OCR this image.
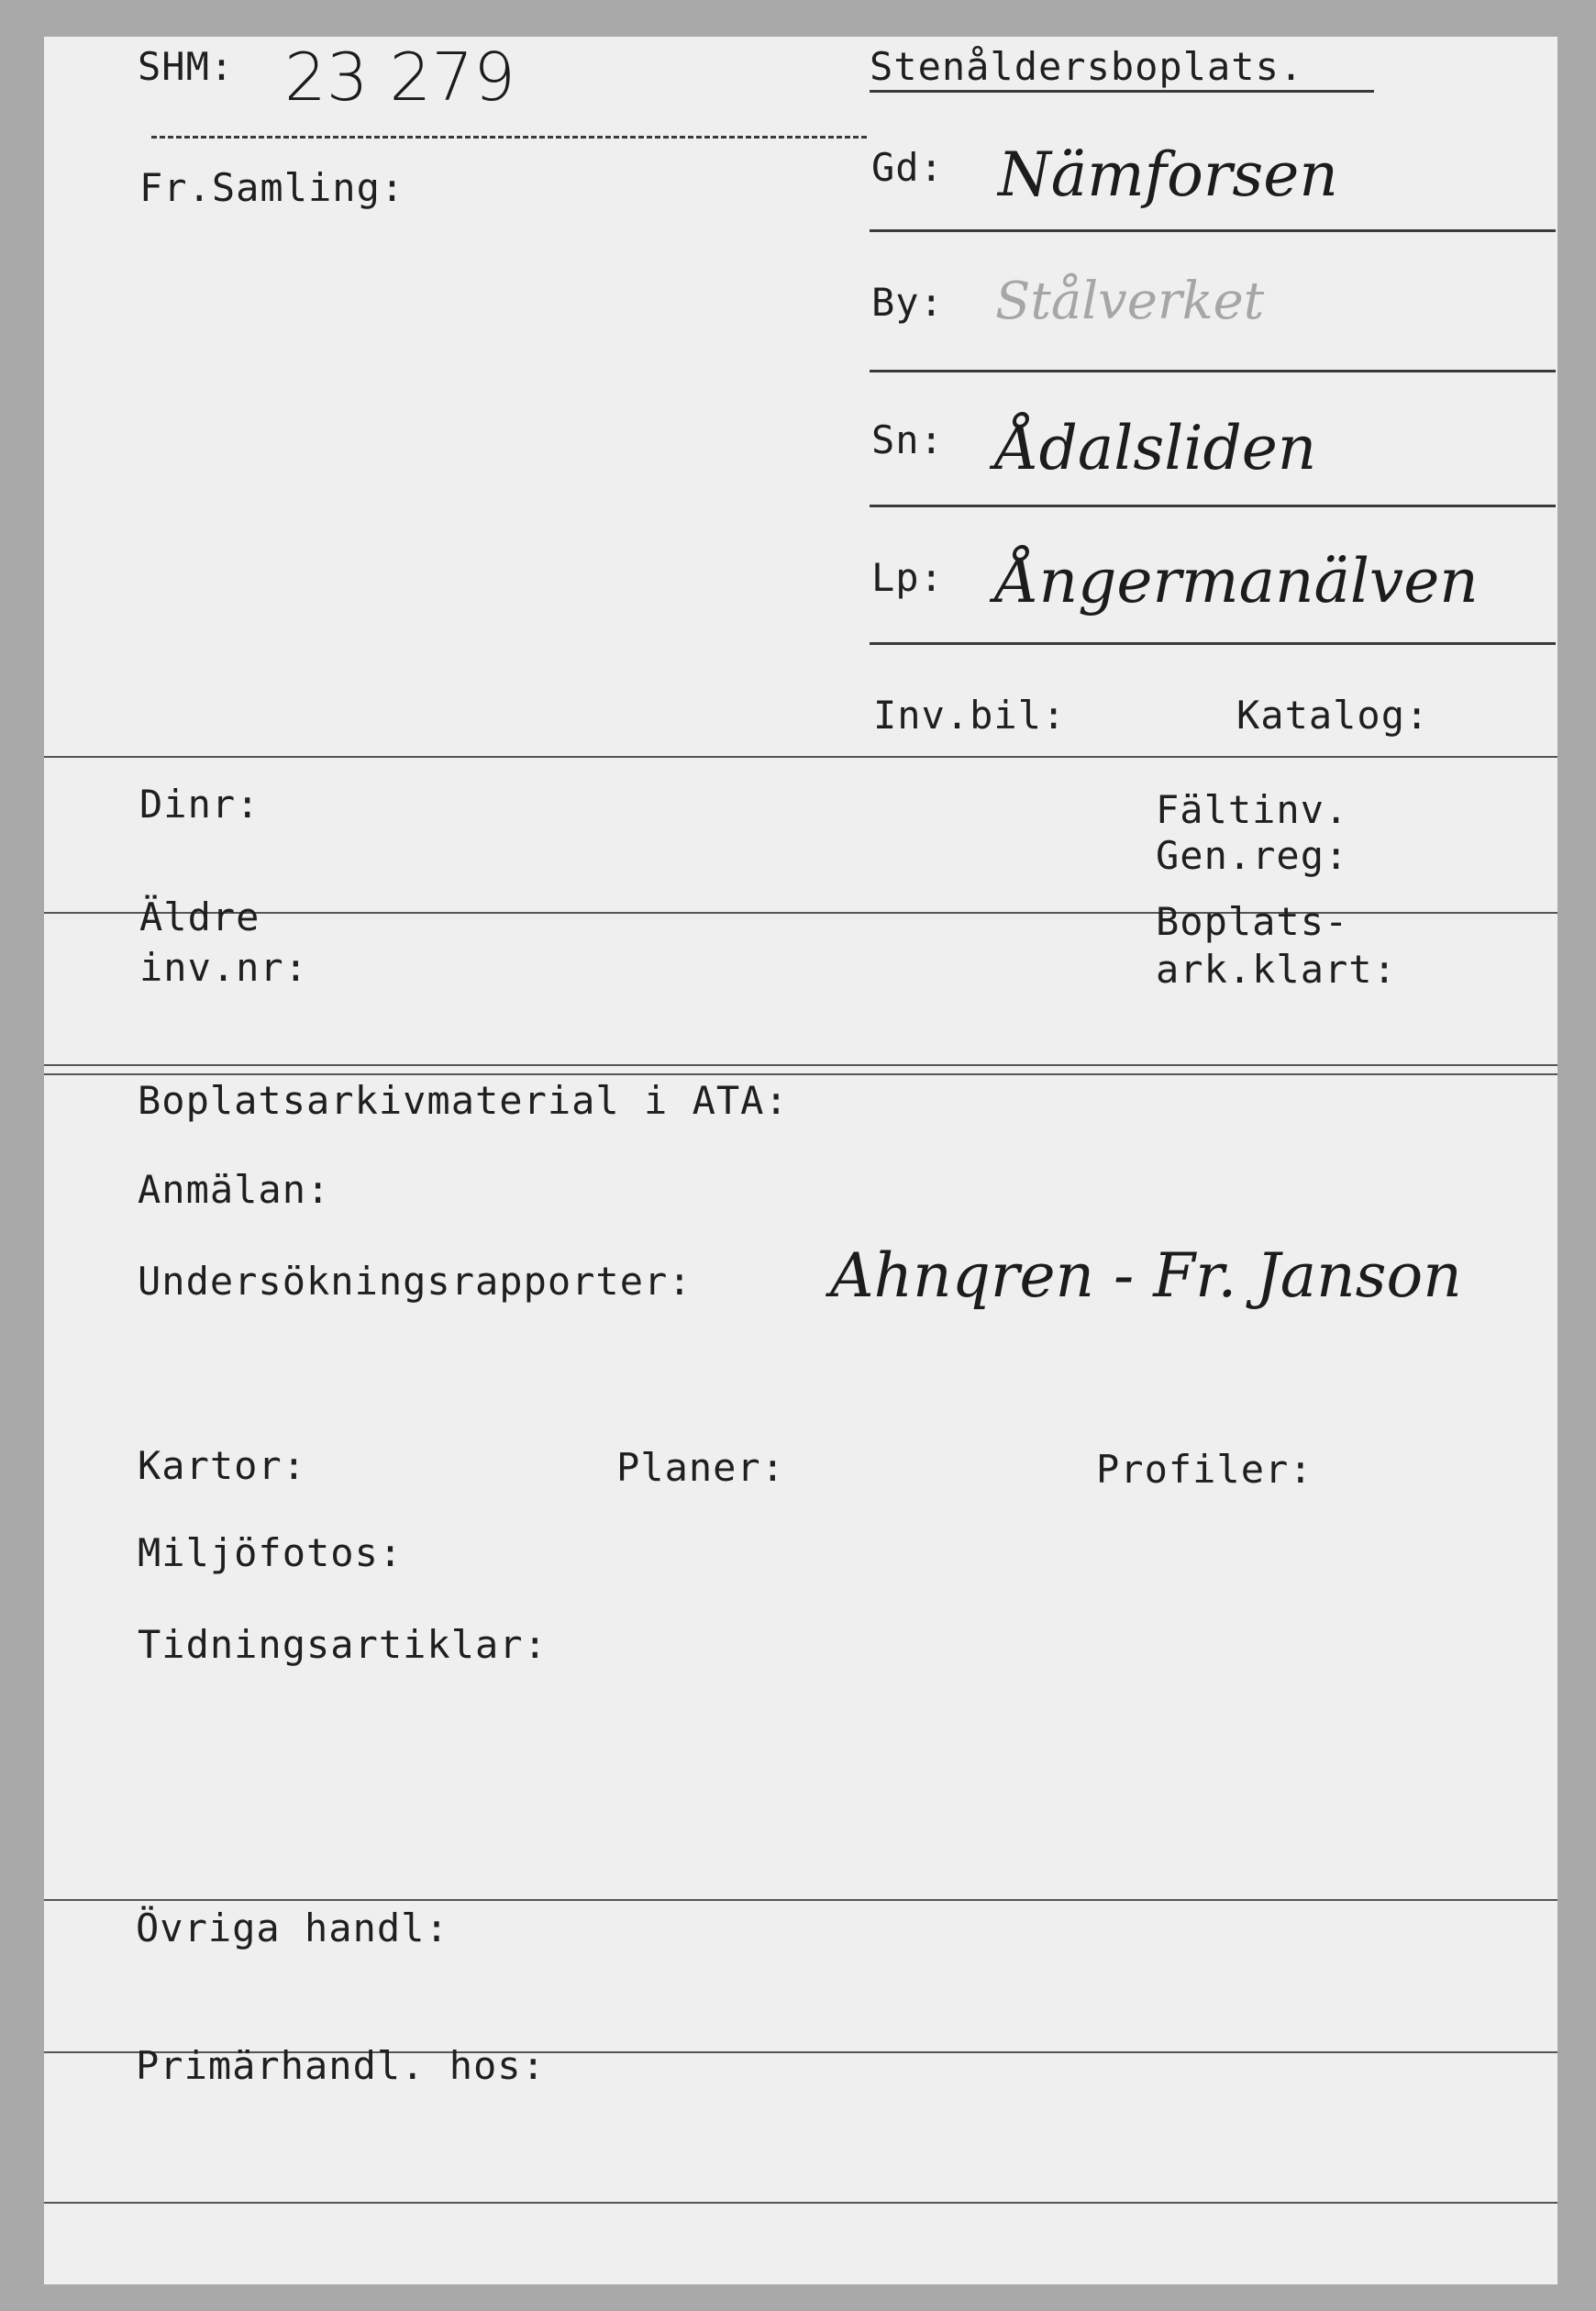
SHM: 23 279	Stenåldersboplats.
Fr.Samling:	Gd: Nämforsen
By: Stålverket
Sn: Ådalsliden
Lp: Ångermanälven
Inv.bil:	Katalog:
Dinr:	Fältinv.
Gen.reg:
Äldre
inv.nr:
Boplats-
ark.klart:
Boplatsarkivmaterial i ATA:
Anmälan:
Undersökningsrapporter: Ahnqren - Fr. Janson
Kartor:	Planer:	Profiler:
Miljöfotos:
Tidningsartiklar:
Övriga handl:
Primärhandl. hos:
